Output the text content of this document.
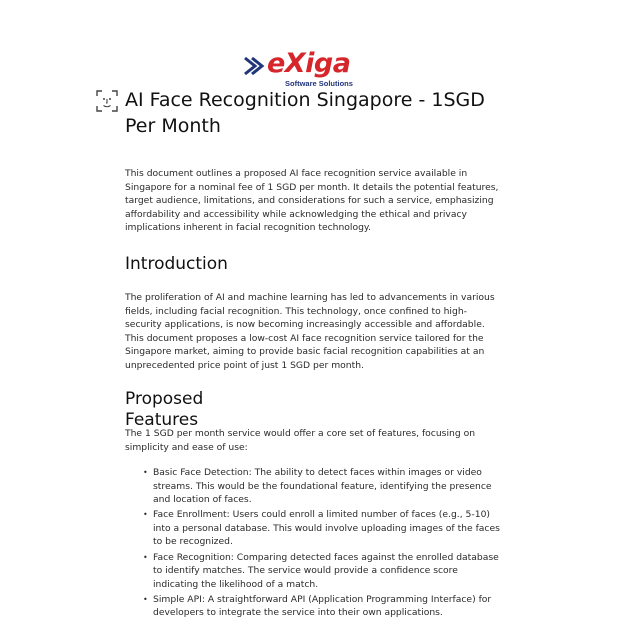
eXiga
Software Solutions
AI Face Recognition Singapore - 1SGD Per Month

This document outlines a proposed AI face recognition service available in Singapore for a nominal fee of 1 SGD per month. It details the potential features, target audience, limitations, and considerations for such a service, emphasizing affordability and accessibility while acknowledging the ethical and privacy implications inherent in facial recognition technology.

Introduction

The proliferation of AI and machine learning has led to advancements in various fields, including facial recognition. This technology, once confined to high-security applications, is now becoming increasingly accessible and affordable. This document proposes a low-cost AI face recognition service tailored for the Singapore market, aiming to provide basic facial recognition capabilities at an unprecedented price point of just 1 SGD per month.

Proposed Features

The 1 SGD per month service would offer a core set of features, focusing on simplicity and ease of use:

• Basic Face Detection: The ability to detect faces within images or video streams. This would be the foundational feature, identifying the presence and location of faces.
• Face Enrollment: Users could enroll a limited number of faces (e.g., 5-10) into a personal database. This would involve uploading images of the faces to be recognized.
• Face Recognition: Comparing detected faces against the enrolled database to identify matches. The service would provide a confidence score indicating the likelihood of a match.
• Simple API: A straightforward API (Application Programming Interface) for developers to integrate the service into their own applications.
